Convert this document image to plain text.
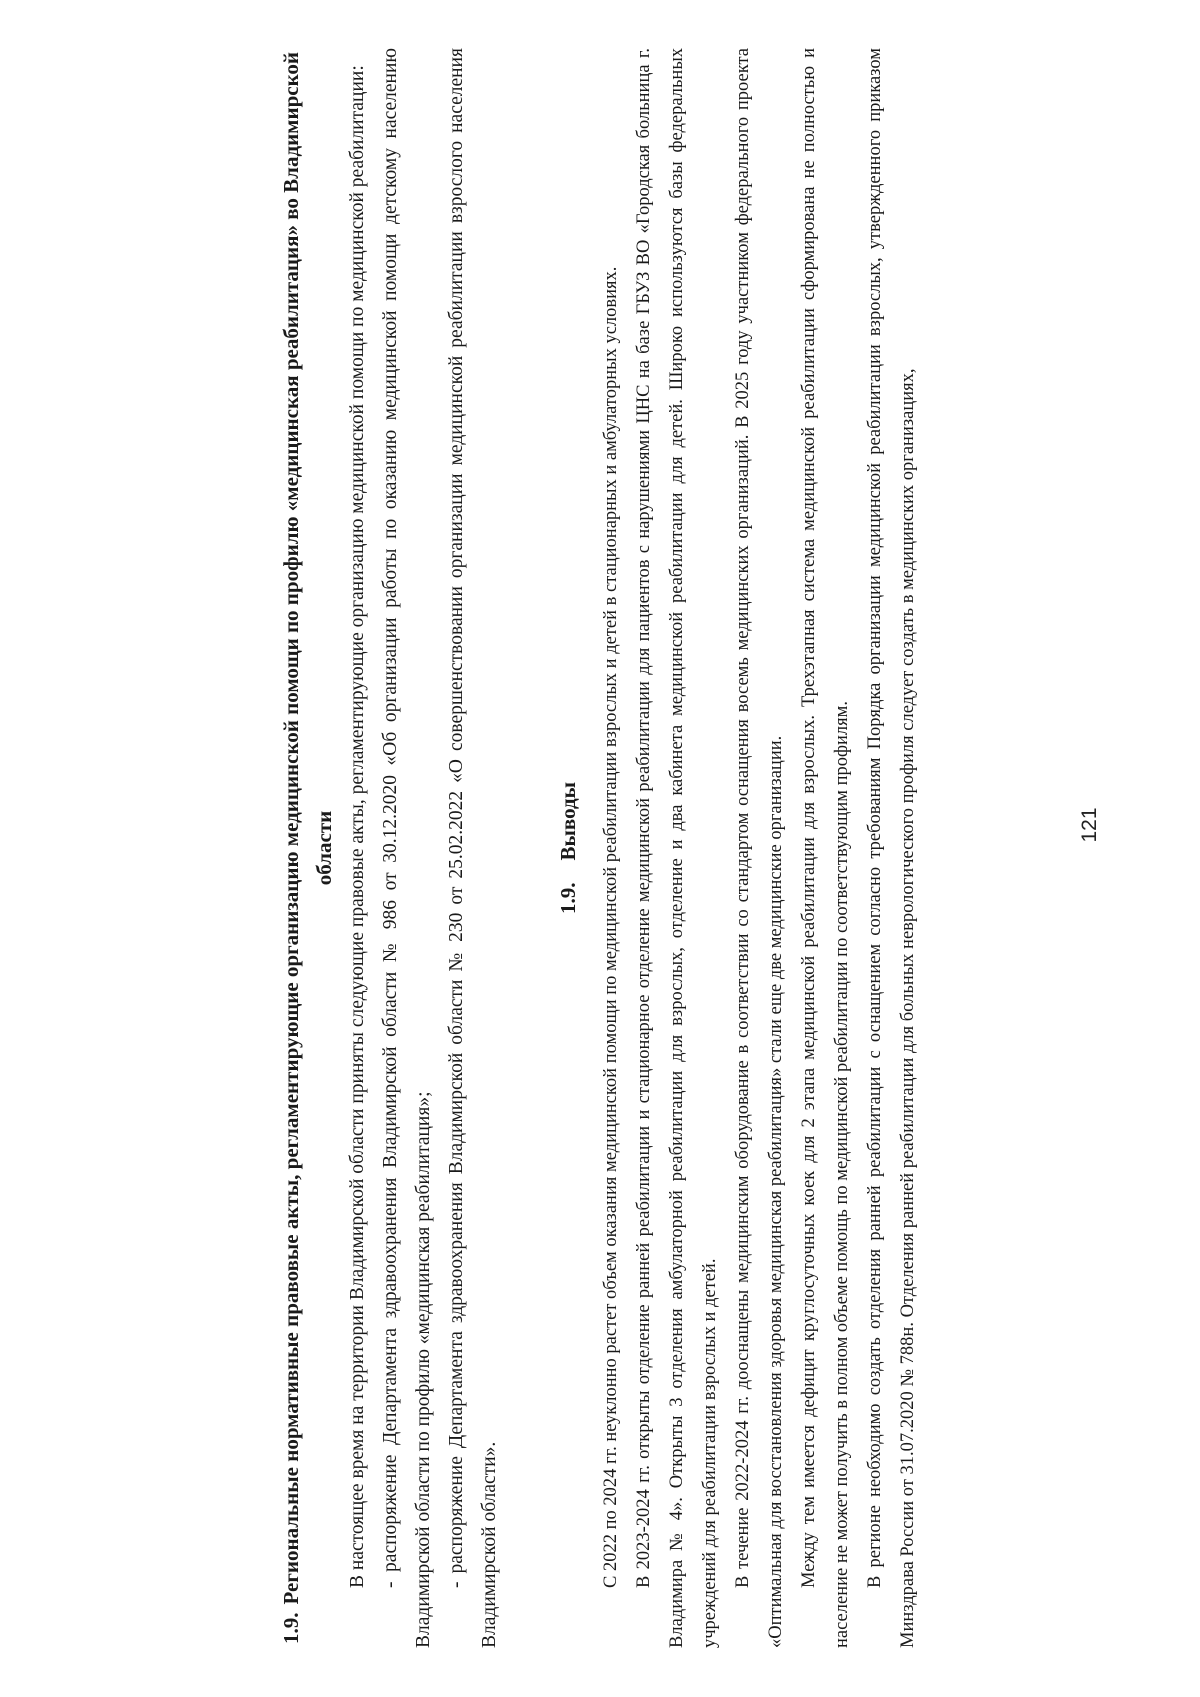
121
1.9.Региональные нормативные правовые акты, регламентирующие организацию медицинской помощи по профилю «медицинская реабилитация» во Владимирской области В настоящее время на территории Владимирской области приняты следующие правовые акты, регламентирующие организацию медицинской помощи по медицинской реабилитации: - распоряжение Департамента здравоохранения Владимирской области № 986 от 30.12.2020 «Об организации работы по оказанию медицинской помощи детскому населению Владимирской области по профилю «медицинская реабилитация»; - распоряжение Департамента здравоохранения Владимирской области № 230 от 25.02.2022 «О совершенствовании организации медицинской реабилитации взрослого населения Владимирской области».

1.9.Выводы	С 2022 по 2024 гг. неуклонно растет объем оказания медицинской помощи по медицинской реабилитации взрослых и детей в стационарных и амбулаторных условиях. В 2023-2024 гг. открыты отделение ранней реабилитации и стационарное отделение медицинской реабилитации для пациентов с нарушениями ЦНС на базе ГБУЗ ВО «Городская больница г. Владимира № 4». Открыты 3 отделения амбулаторной реабилитации для взрослых, отделение и два кабинета медицинской реабилитации для детей. Широко используются базы федеральных учреждений для реабилитации взрослых и детей. В течение 2022-2024 гг. дооснащены медицинским оборудование в соответствии со стандартом оснащения восемь медицинских организаций. В 2025 году участником федерального проекта «Оптимальная для восстановления здоровья медицинская реабилитация» стали еще две медицинские организации. Между тем имеется дефицит круглосуточных коек для 2 этапа медицинской реабилитации для взрослых. Трехэтапная система медицинской реабилитации сформирована не полностью и население не может получить в полном объеме помощь по медицинской реабилитации по соответствующим профилям. В регионе необходимо создать отделения ранней реабилитации с оснащением согласно требованиям Порядка организации медицинской реабилитации взрослых, утвержденного приказом Минздрава России от 31.07.2020 № 788н. Отделения ранней реабилитации для больных неврологического профиля следует создать в медицинских организациях,
